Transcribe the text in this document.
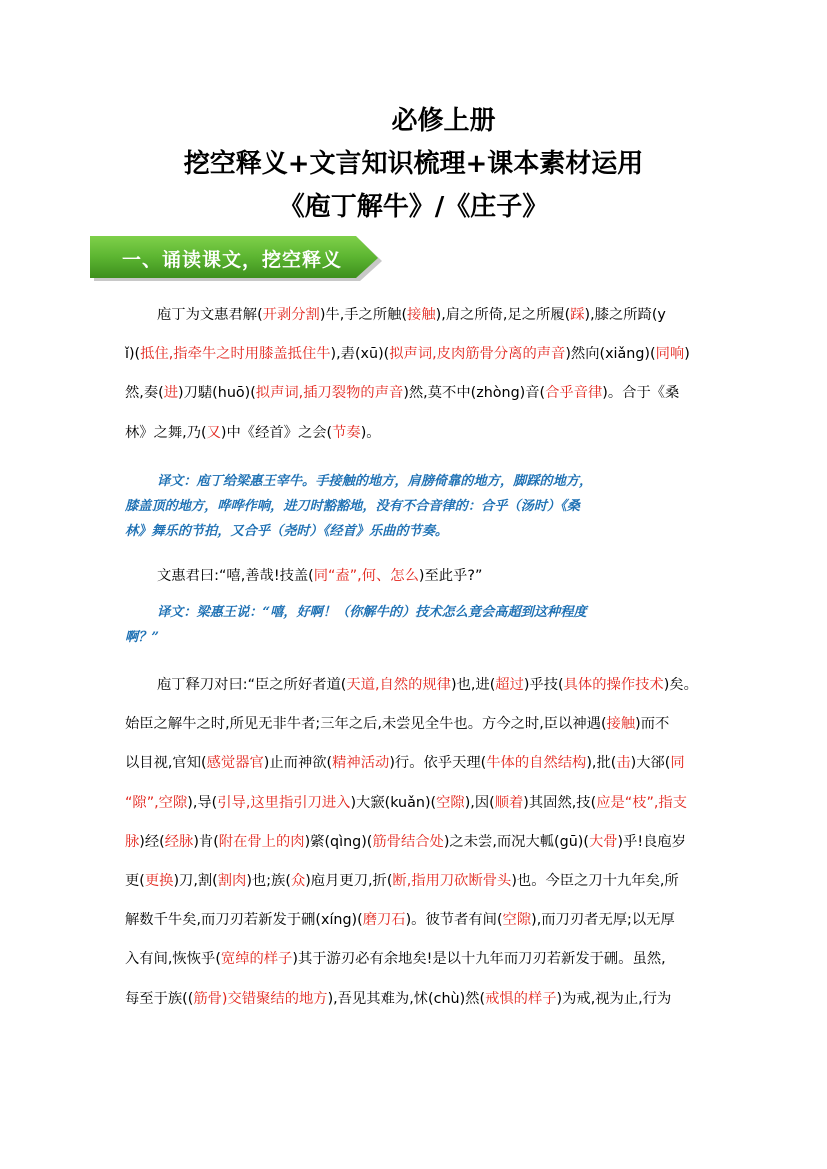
必修上册
挖空释义+文言知识梳理+课本素材运用
《庖丁解牛》/《庄子》
一、诵读课文，挖空释义
庖丁为文惠君解(开剥分割)牛,手之所触(接触),肩之所倚,足之所履(踩),膝之所踦(y
ǐ)(抵住,指牵牛之时用膝盖抵住牛),砉(xū)(拟声词,皮肉筋骨分离的声音)然向(xiǎng)(同响)
然,奏(进)刀騞(huō)(拟声词,插刀裂物的声音)然,莫不中(zhòng)音(合乎音律)。合于《桑
林》之舞,乃(又)中《经首》之会(节奏)。
译文：庖丁给梁惠王宰牛。手接触的地方，肩膀倚靠的地方，脚踩的地方，
膝盖顶的地方，哗哗作响，进刀时豁豁地，没有不合音律的：合乎（汤时）《桑
林》舞乐的节拍，又合乎（尧时）《经首》乐曲的节奏。
文惠君曰:“嘻,善哉!技盖(同“盍”,何、怎么)至此乎?”
译文：梁惠王说：“嘻，好啊！（你解牛的）技术怎么竟会高超到这种程度
啊？”
庖丁释刀对曰:“臣之所好者道(天道,自然的规律)也,进(超过)乎技(具体的操作技术)矣。
始臣之解牛之时,所见无非牛者;三年之后,未尝见全牛也。方今之时,臣以神遇(接触)而不
以目视,官知(感觉器官)止而神欲(精神活动)行。依乎天理(牛体的自然结构),批(击)大郤(同
“隙”,空隙),导(引导,这里指引刀进入)大窾(kuǎn)(空隙),因(顺着)其固然,技(应是“枝”,指支
脉)经(经脉)肯(附在骨上的肉)綮(qìng)(筋骨结合处)之未尝,而况大軱(gū)(大骨)乎!良庖岁
更(更换)刀,割(割肉)也;族(众)庖月更刀,折(断,指用刀砍断骨头)也。今臣之刀十九年矣,所
解数千牛矣,而刀刃若新发于硎(xíng)(磨刀石)。彼节者有间(空隙),而刀刃者无厚;以无厚
入有间,恢恢乎(宽绰的样子)其于游刃必有余地矣!是以十九年而刀刃若新发于硎。虽然,
每至于族((筋骨)交错聚结的地方),吾见其难为,怵(chù)然(戒惧的样子)为戒,视为止,行为
